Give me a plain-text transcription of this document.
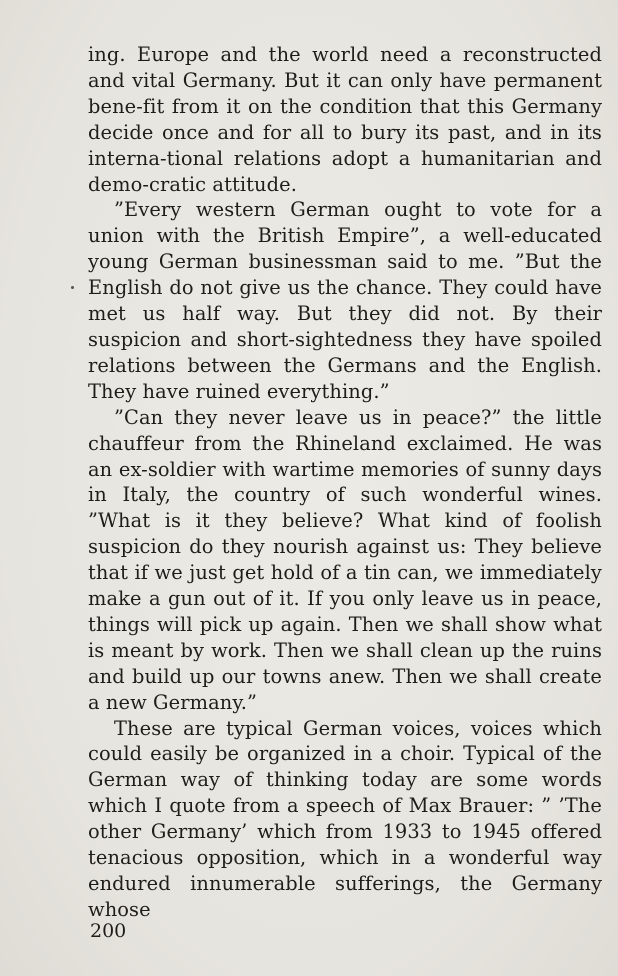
ing. Europe and the world need a reconstructed and vital Germany. But it can only have permanent bene-fit from it on the condition that this Germany decide once and for all to bury its past, and in its interna-tional relations adopt a humanitarian and demo-cratic attitude.

”Every western German ought to vote for a union with the British Empire”, a well-educated young German businessman said to me. ”But the English do not give us the chance. They could have met us half way. But they did not. By their suspicion and short-sightedness they have spoiled relations between the Germans and the English. They have ruined everything.”

”Can they never leave us in peace?” the little chauffeur from the Rhineland exclaimed. He was an ex-soldier with wartime memories of sunny days in Italy, the country of such wonderful wines. ”What is it they believe? What kind of foolish suspicion do they nourish against us: They believe that if we just get hold of a tin can, we immediately make a gun out of it. If you only leave us in peace, things will pick up again. Then we shall show what is meant by work. Then we shall clean up the ruins and build up our towns anew. Then we shall create a new Germany.”

These are typical German voices, voices which could easily be organized in a choir. Typical of the German way of thinking today are some words which I quote from a speech of Max Brauer: ” ’The other Germany’ which from 1933 to 1945 offered tenacious opposition, which in a wonderful way endured innumerable sufferings, the Germany whose

200
